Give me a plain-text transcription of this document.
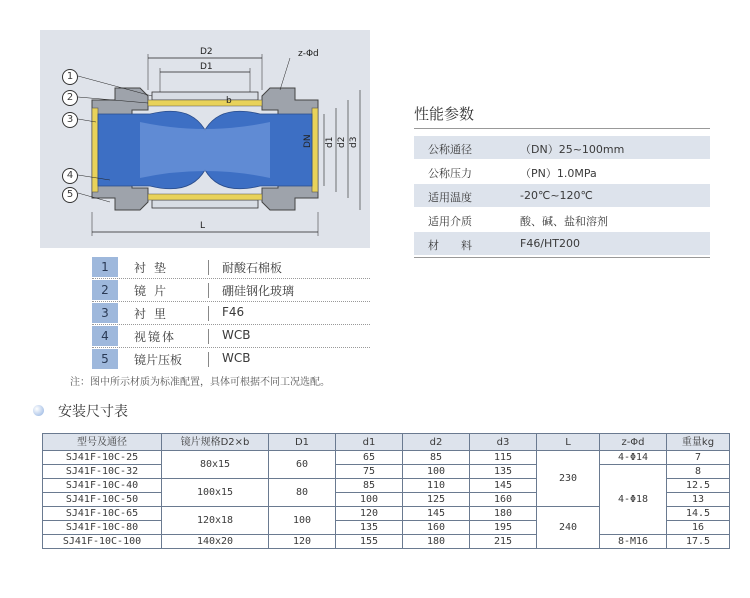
D2
D1
z-Φd
b
DN d1 d2 d3
L
1
2
3
4
5
1	衬垫	耐酸石棉板
2	镜片	硼硅钢化玻璃
3	衬里	F46
4	视镜体	WCB
5	镜片压板	WCB
注：图中所示材质为标准配置，具体可根据不同工况选配。
性能参数
公称通径	（DN）25~100mm
公称压力	（PN）1.0MPa
适用温度	-20℃~120℃
适用介质	酸、碱、盐和溶剂
材　　料	F46/HT200
安装尺寸表
型号及通径	镜片规格D2×b	D1	d1	d2	d3	L	z-Φd	重量kg
SJ41F-10C-25	80x15	60	65	85	115	230	4-Φ14	7
SJ41F-10C-32			75	100	135		4-Φ18	8
SJ41F-10C-40	100x15	80	85	110	145			12.5
SJ41F-10C-50			100	125	160			13
SJ41F-10C-65	120x18	100	120	145	180	240		14.5
SJ41F-10C-80			135	160	195			16
SJ41F-10C-100	140x20	120	155	180	215		8-M16	17.5
